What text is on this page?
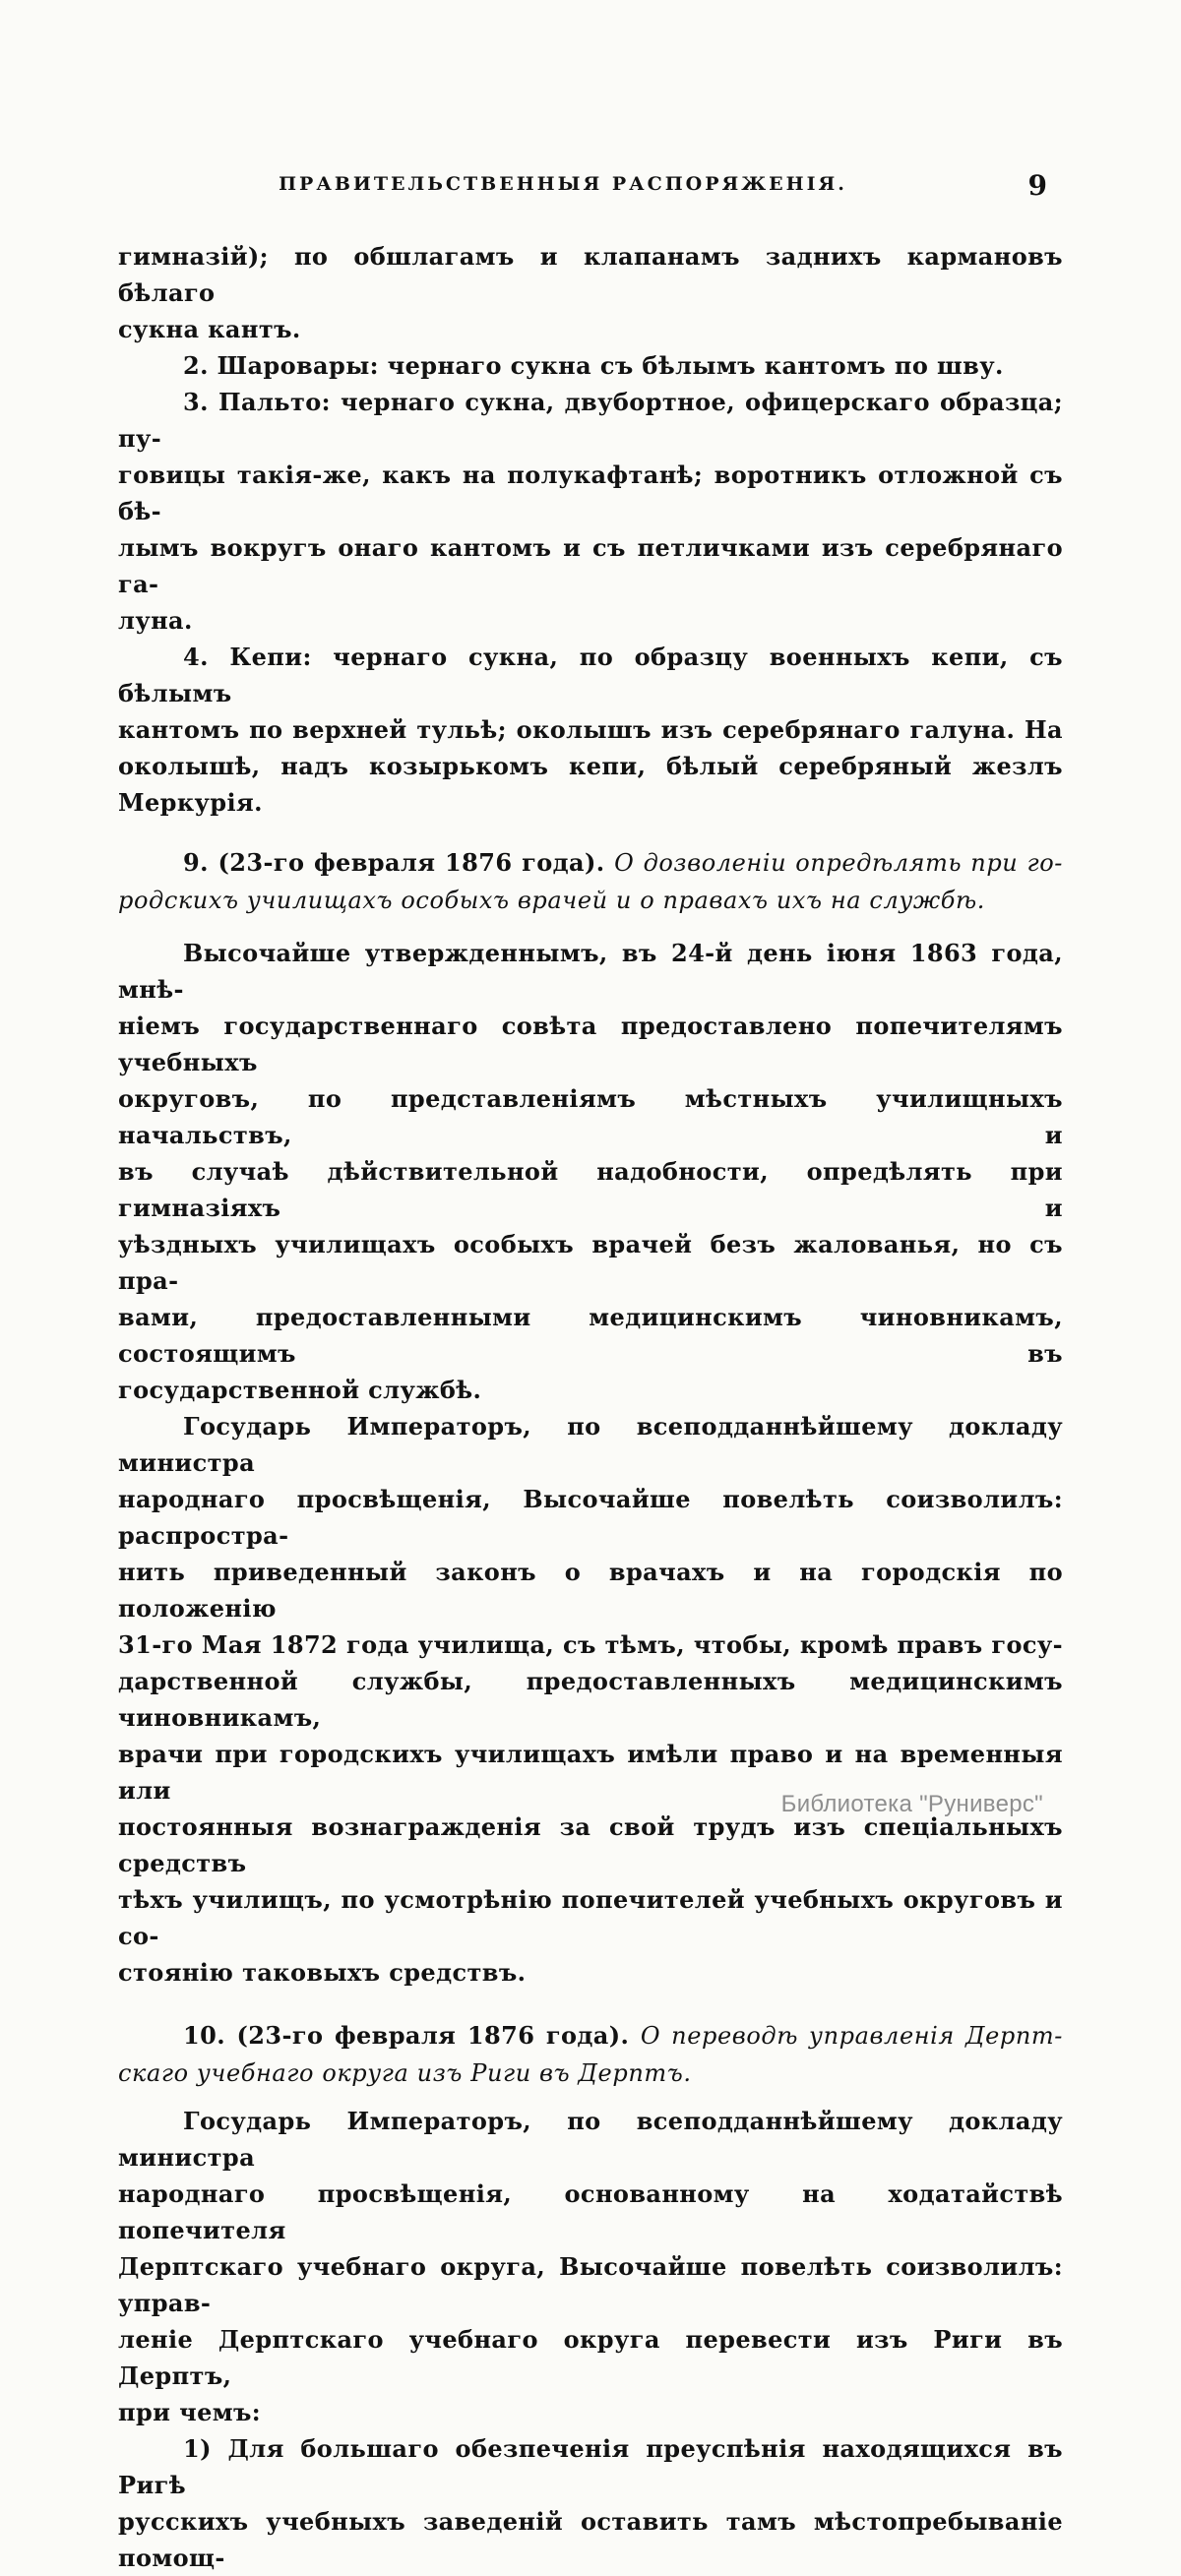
ПРАВИТЕЛЬСТВЕННЫЯ РАСПОРЯЖЕНІЯ.	9
гимназій); по обшлагамъ и клапанамъ заднихъ кармановъ бѣлаго
сукна кантъ.
2. Шаровары: чернаго сукна съ бѣлымъ кантомъ по шву.
3. Пальто: чернаго сукна, двубортное, офицерскаго образца; пу-
говицы такія-же, какъ на полукафтанѣ; воротникъ отложной съ бѣ-
лымъ вокругъ онаго кантомъ и съ петличками изъ серебрянаго га-
луна.
4. Кепи: чернаго сукна, по образцу военныхъ кепи, съ бѣлымъ
кантомъ по верхней тульѣ; околышъ изъ серебрянаго галуна. На
околышѣ, надъ козырькомъ кепи, бѣлый серебряный жезлъ Меркурія.
9. (23-го февраля 1876 года). О дозволеніи опредѣлять при го-
родскихъ училищахъ особыхъ врачей и о правахъ ихъ на службѣ.
Высочайше утвержденнымъ, въ 24-й день іюня 1863 года, мнѣ-
ніемъ государственнаго совѣта предоставлено попечителямъ учебныхъ
округовъ, по представленіямъ мѣстныхъ училищныхъ начальствъ, и
въ случаѣ дѣйствительной надобности, опредѣлять при гимназіяхъ и
уѣздныхъ училищахъ особыхъ врачей безъ жалованья, но съ пра-
вами, предоставленными медицинскимъ чиновникамъ, состоящимъ въ
государственной службѣ.
Государь Императоръ, по всеподданнѣйшему докладу министра
народнаго просвѣщенія, Высочайше повелѣть соизволилъ: распростра-
нить приведенный законъ о врачахъ и на городскія по положенію
31-го Мая 1872 года училища, съ тѣмъ, чтобы, кромѣ правъ госу-
дарственной службы, предоставленныхъ медицинскимъ чиновникамъ,
врачи при городскихъ училищахъ имѣли право и на временныя или
постоянныя вознагражденія за свой трудъ изъ спеціальныхъ средствъ
тѣхъ училищъ, по усмотрѣнію попечителей учебныхъ округовъ и со-
стоянію таковыхъ средствъ.
10. (23-го февраля 1876 года). О переводѣ управленія Дерпт-
скаго учебнаго округа изъ Риги въ Дерптъ.
Государь Императоръ, по всеподданнѣйшему докладу министра
народнаго просвѣщенія, основанному на ходатайствѣ попечителя
Дерптскаго учебнаго округа, Высочайше повелѣть соизволилъ: управ-
леніе Дерптскаго учебнаго округа перевести изъ Риги въ Дерптъ,
при чемъ:
1) Для большаго обезпеченія преуспѣнія находящихся въ Ригѣ
русскихъ учебныхъ заведеній оставить тамъ мѣстопребываніе помощ-
Библиотека "Руниверс"
